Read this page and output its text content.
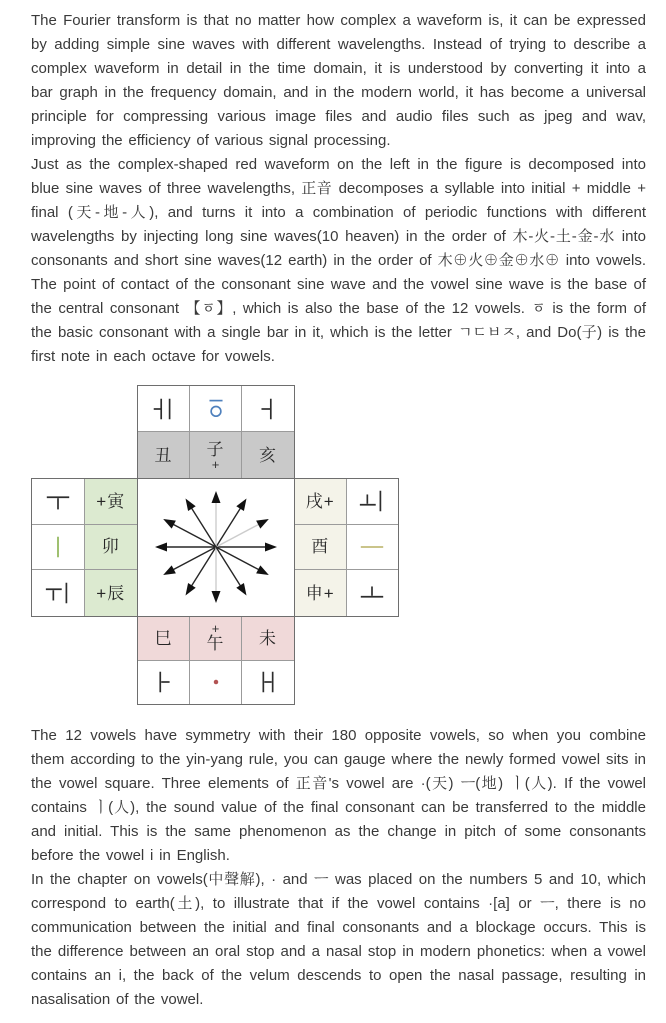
The Fourier transform is that no matter how complex a waveform is, it can be expressed by adding simple sine waves with different wavelengths. Instead of trying to describe a complex waveform in detail in the time domain, it is understood by converting it into a bar graph in the frequency domain, and in the modern world, it has become a universal principle for compressing various image files and audio files such as jpeg and wav, improving the efficiency of various signal processing.

Just as the complex-shaped red waveform on the left in the figure is decomposed into blue sine waves of three wavelengths, 正音 decomposes a syllable into initial + middle + final (天-地-人), and turns it into a combination of periodic functions with different wavelengths by injecting long sine waves(10 heaven) in the order of 木-火-土-金-水 into consonants and short sine waves(12 earth) in the order of 木⊕火⊕金⊕水⊕ into vowels. The point of contact of the consonant sine wave and the vowel sine wave is the base of the central consonant 【ㆆ】, which is also the base of the 12 vowels. ㆆ is the form of the basic consonant with a single bar in it, which is the letter ㄱㄷㅂㅈ, and Do(子) is the first note in each octave for vowels.

丑 子
+ 亥
+寅
卯
+辰
戌+
酉
申+
巳	+
午 未

The 12 vowels have symmetry with their 180 opposite vowels, so when you combine them according to the yin-yang rule, you can gauge where the newly formed vowel sits in the vowel square. Three elements of 正音's vowel are ·(天) ㅡ(地) ㅣ(人). If the vowel contains ㅣ(人), the sound value of the final consonant can be transferred to the middle and initial. This is the same phenomenon as the change in pitch of some consonants before the vowel i in English.

In the chapter on vowels(中聲解), · and ㅡ was placed on the numbers 5 and 10, which correspond to earth(土), to illustrate that if the vowel contains ·[a] or ㅡ, there is no communication between the initial and final consonants and a blockage occurs. This is the difference between an oral stop and a nasal stop in modern phonetics: when a vowel contains an i, the back of the velum descends to open the nasal passage, resulting in nasalisation of the vowel.
